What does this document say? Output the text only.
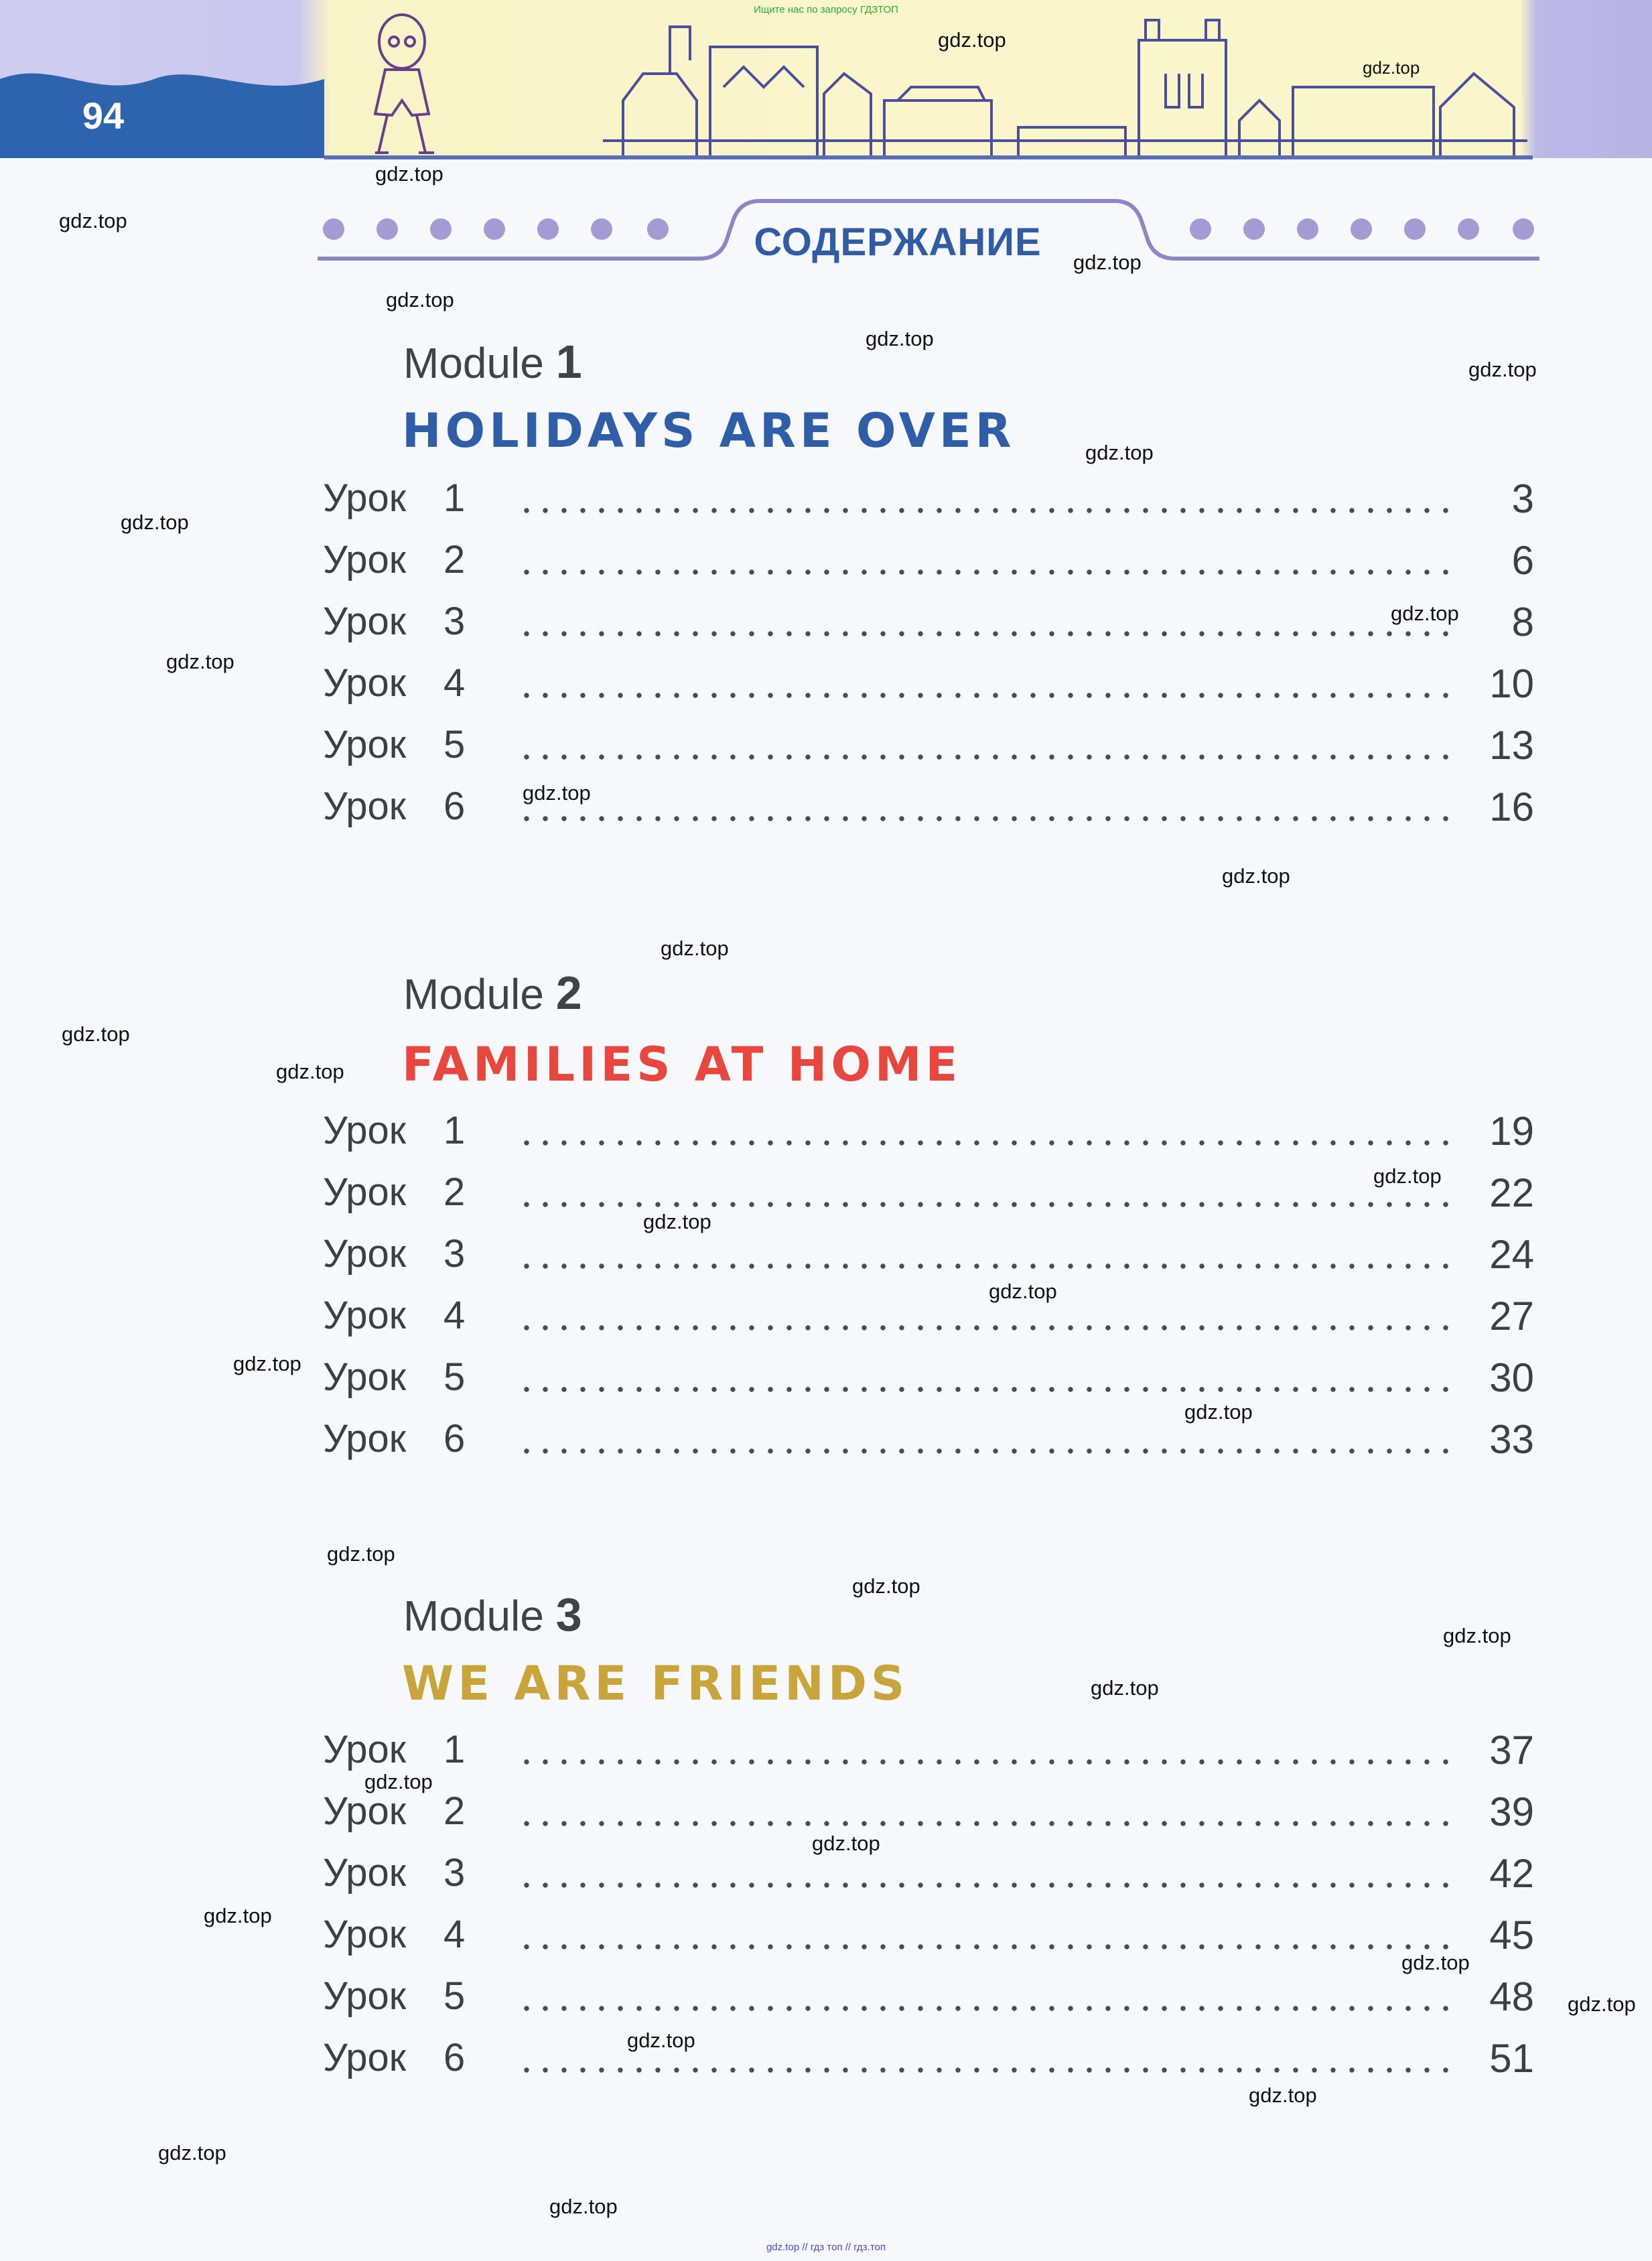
Ищите нас по запросу ГДЗТОП
94
СОДЕРЖАНИЕ
Module 1
HOLIDAYS ARE OVER
Урок 1	3
Урок 2	6
Урок 3	8
Урок 4	10
Урок 5	13
Урок 6	16
Module 2
FAMILIES AT HOME
Урок 1	19
Урок 2	22
Урок 3	24
Урок 4	27
Урок 5	30
Урок 6	33
Module 3
WE ARE FRIENDS
Урок 1	37
Урок 2	39
Урок 3	42
Урок 4	45
Урок 5	48
Урок 6	51
gdz.top
gdz.top
gdz.top
gdz.top
gdz.top
gdz.top
gdz.top
gdz.top
gdz.top
gdz.top
gdz.top
gdz.top
gdz.top
gdz.top
gdz.top
gdz.top
gdz.top
gdz.top
gdz.top
gdz.top
gdz.top
gdz.top
gdz.top
gdz.top
gdz.top
gdz.top
gdz.top
gdz.top
gdz.top
gdz.top
gdz.top
gdz.top
gdz.top
gdz.top
gdz.top
gdz.top // гдз топ // гдз.топ
